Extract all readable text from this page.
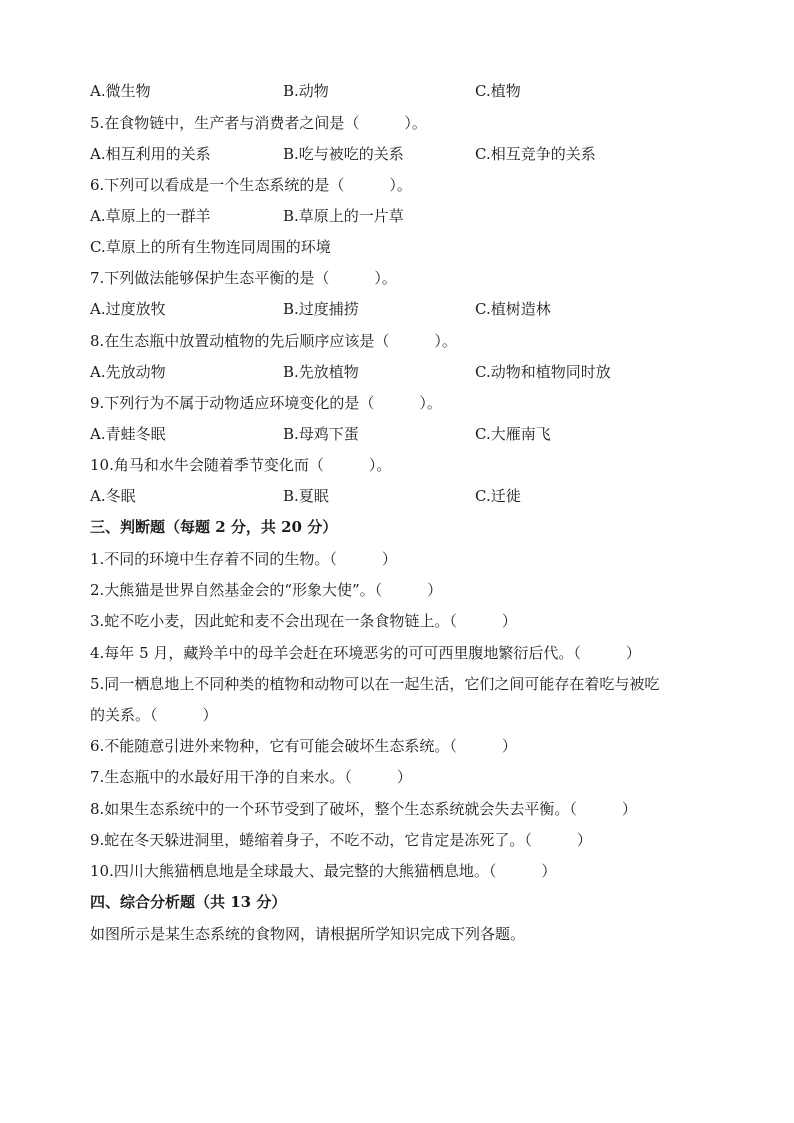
A.微生物	B.动物	C.植物
5.在食物链中，生产者与消费者之间是（　　　）。
A.相互利用的关系	B.吃与被吃的关系	C.相互竞争的关系
6.下列可以看成是一个生态系统的是（　　　）。
A.草原上的一群羊	B.草原上的一片草
C.草原上的所有生物连同周围的环境
7.下列做法能够保护生态平衡的是（　　　）。
A.过度放牧	B.过度捕捞	C.植树造林
8.在生态瓶中放置动植物的先后顺序应该是（　　　）。
A.先放动物	B.先放植物	C.动物和植物同时放
9.下列行为不属于动物适应环境变化的是（　　　）。
A.青蛙冬眠	B.母鸡下蛋	C.大雁南飞
10.角马和水牛会随着季节变化而（　　　）。
A.冬眠	B.夏眠	C.迁徙
三、判断题（每题 2 分，共 20 分）
1.不同的环境中生存着不同的生物。（　　　）
2.大熊猫是世界自然基金会的“形象大使”。（　　　）
3.蛇不吃小麦，因此蛇和麦不会出现在一条食物链上。（　　　）
4.每年 5 月，藏羚羊中的母羊会赶在环境恶劣的可可西里腹地繁衍后代。（　　　）
5.同一栖息地上不同种类的植物和动物可以在一起生活，它们之间可能存在着吃与被吃
的关系。（　　　）
6.不能随意引进外来物种，它有可能会破坏生态系统。（　　　）
7.生态瓶中的水最好用干净的自来水。（　　　）
8.如果生态系统中的一个环节受到了破坏，整个生态系统就会失去平衡。（　　　）
9.蛇在冬天躲进洞里，蜷缩着身子，不吃不动，它肯定是冻死了。（　　　）
10.四川大熊猫栖息地是全球最大、最完整的大熊猫栖息地。（　　　）
四、综合分析题（共 13 分）
如图所示是某生态系统的食物网，请根据所学知识完成下列各题。
